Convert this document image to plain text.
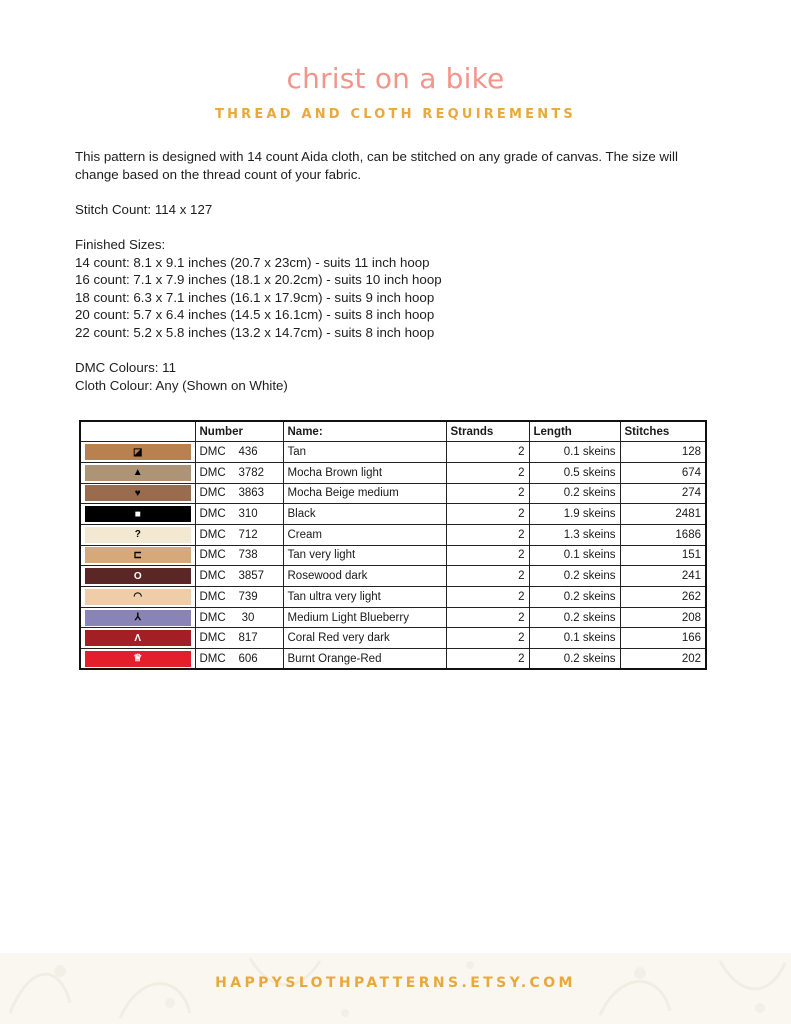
christ on a bike
THREAD AND CLOTH REQUIREMENTS
This pattern is designed with 14 count Aida cloth, can be stitched on any grade of canvas. The size will
change based on the thread count of your fabric.
Stitch Count: 114 x 127
Finished Sizes:
14 count: 8.1 x 9.1 inches (20.7 x 23cm) - suits 11 inch hoop
16 count: 7.1 x 7.9 inches (18.1 x 20.2cm) - suits 10 inch hoop
18 count: 6.3 x 7.1 inches (16.1 x 17.9cm) - suits 9 inch hoop
20 count: 5.7 x 6.4 inches (14.5 x 16.1cm) - suits 8 inch hoop
22 count: 5.2 x 5.8 inches (13.2 x 14.7cm) - suits 8 inch hoop
DMC Colours: 11
Cloth Colour: Any (Shown on White)
	Number	Name:	Strands	Length	Stitches

◪	DMC    436	Tan	2	0.1 skeins	128

▲	DMC    3782	Mocha Brown light	2	0.5 skeins	674

♥	DMC    3863	Mocha Beige medium	2	0.2 skeins	274

■	DMC    310	Black	2	1.9 skeins	2481

?	DMC    712	Cream	2	1.3 skeins	1686

⊏	DMC    738	Tan very light	2	0.1 skeins	151

O	DMC    3857	Rosewood dark	2	0.2 skeins	241

◠	DMC    739	Tan ultra very light	2	0.2 skeins	262

⅄	DMC     30	Medium Light Blueberry	2	0.2 skeins	208

Λ	DMC    817	Coral Red very dark	2	0.1 skeins	166

♕	DMC    606	Burnt Orange-Red	2	0.2 skeins	202
HAPPYSLOTHPATTERNS.ETSY.COM
